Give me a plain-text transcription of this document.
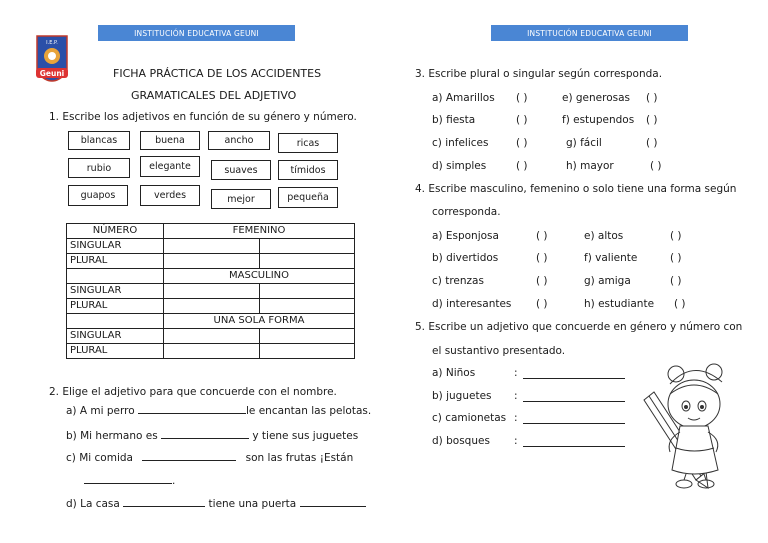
INSTITUCIÓN EDUCATIVA GEUNI	INSTITUCIÓN EDUCATIVA GEUNI
I.E.P.
Geuni	FICHA PRÁCTICA DE LOS ACCIDENTES
GRAMATICALES DEL ADJETIVO
1. Escribe los adjetivos en función de su género y número.
blancas	buena	ancho	ricas
rubio	elegante	suaves	tímidos
guapos	verdes	mejor	pequeña
NÚMERO	FEMENINO	
SINGULAR		
PLURAL		
	MASCULINO	
SINGULAR		
PLURAL		
	UNA SOLA FORMA	
SINGULAR		
PLURAL		
2. Elige el adjetivo para que concuerde con el nombre.
a) A mi perro	le encantan las pelotas.
b) Mi hermano es	y tiene sus juguetes
c) Mi comida	son las frutas ¡Están
.
d) La casa	tiene una puerta
3. Escribe plural o singular según corresponda.
a) Amarillos ( )	e) generosas ( )
b) fiesta	( )	f) estupendos ( )
c) infelices	( )	g) fácil	( )
d) simples	( )	h) mayor	( )
4. Escribe masculino, femenino o solo tiene una forma según
corresponda.
a) Esponjosa	( )	e) altos	( )
b) divertidos	( )	f) valiente	( )
c) trenzas	( )	g) amiga	( )
d) interesantes ( )	h) estudiante ( )
5. Escribe un adjetivo que concuerde en género y número con
el sustantivo presentado.
a) Niños	:
b) juguetes :
c) camionetas :
d) bosques :
